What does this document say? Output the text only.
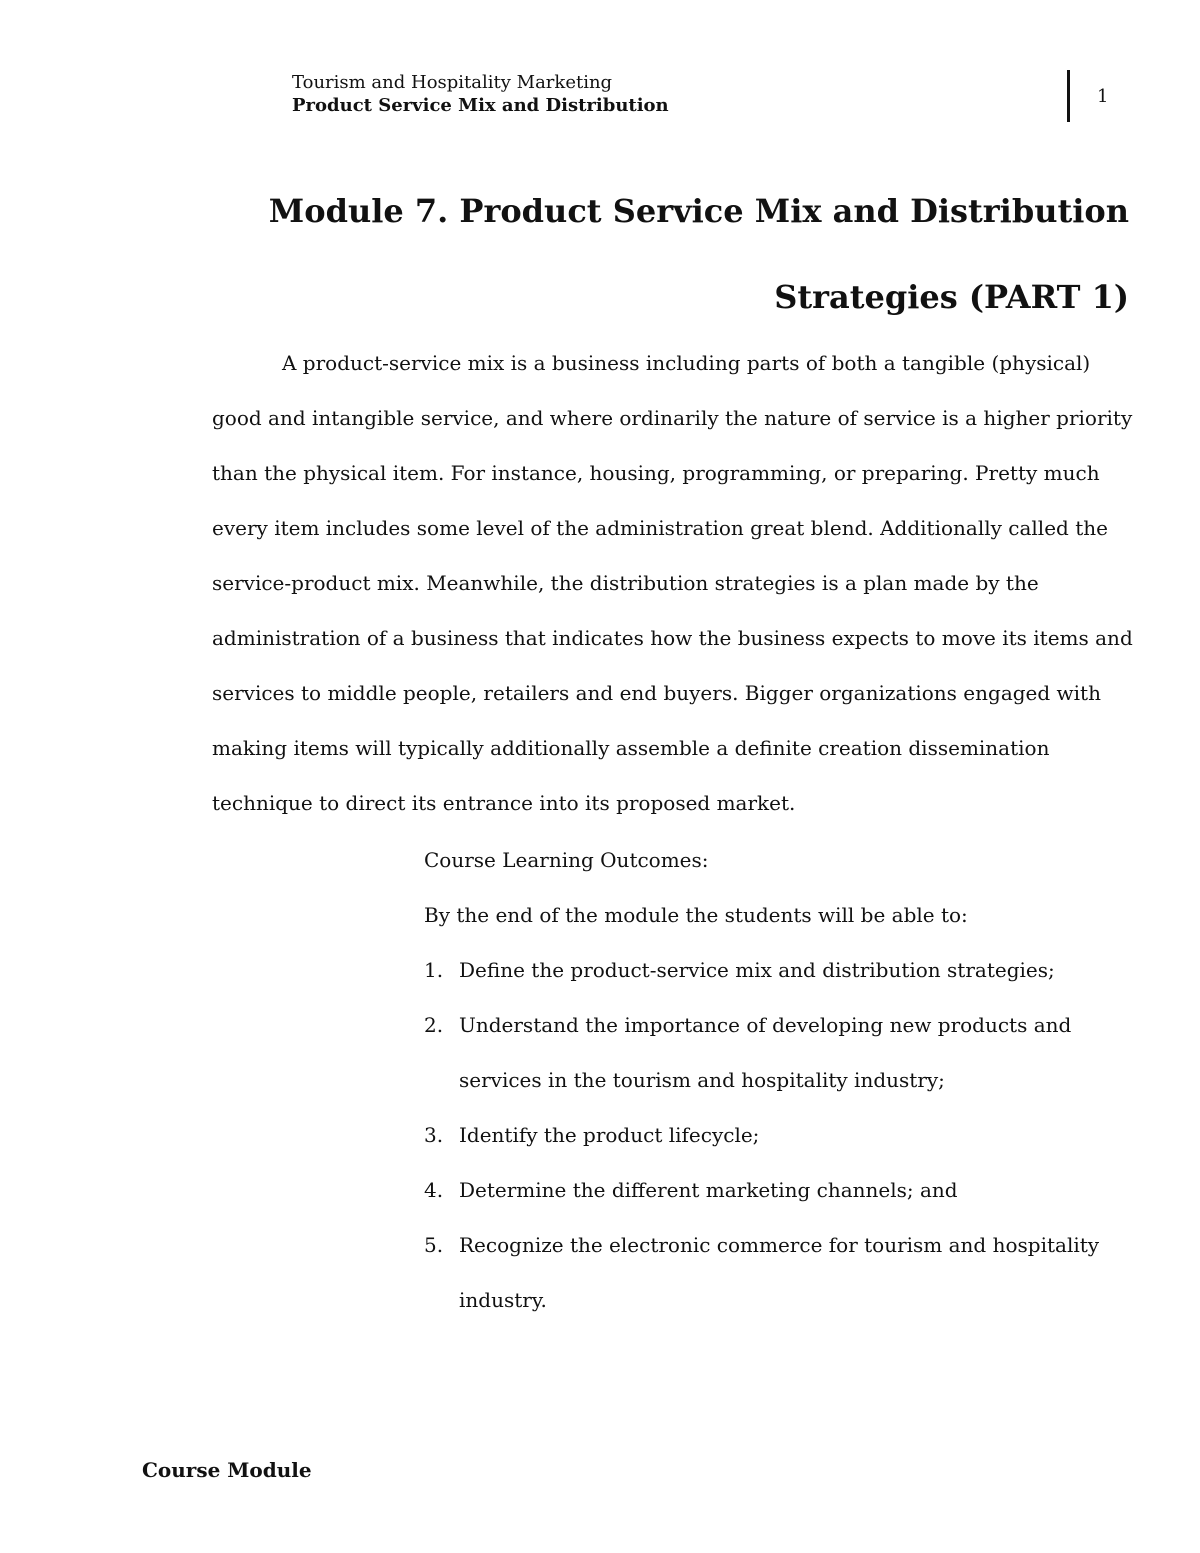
Tourism and Hospitality Marketing
Product Service Mix and Distribution	1
Module 7. Product Service Mix and Distribution
Strategies (PART 1)

A product-service mix is a business including parts of both a tangible (physical)
good and intangible service, and where ordinarily the nature of service is a higher priority
than the physical item. For instance, housing, programming, or preparing. Pretty much
every item includes some level of the administration great blend. Additionally called the
service-product mix. Meanwhile, the distribution strategies is a plan made by the
administration of a business that indicates how the business expects to move its items and
services to middle people, retailers and end buyers. Bigger organizations engaged with
making items will typically additionally assemble a definite creation dissemination
technique to direct its entrance into its proposed market.

Course Learning Outcomes:
By the end of the module the students will be able to:
1. Define the product-service mix and distribution strategies;
2. Understand the importance of developing new products and
services in the tourism and hospitality industry;
3. Identify the product lifecycle;
4. Determine the different marketing channels; and
5. Recognize the electronic commerce for tourism and hospitality
industry.
Course Module
